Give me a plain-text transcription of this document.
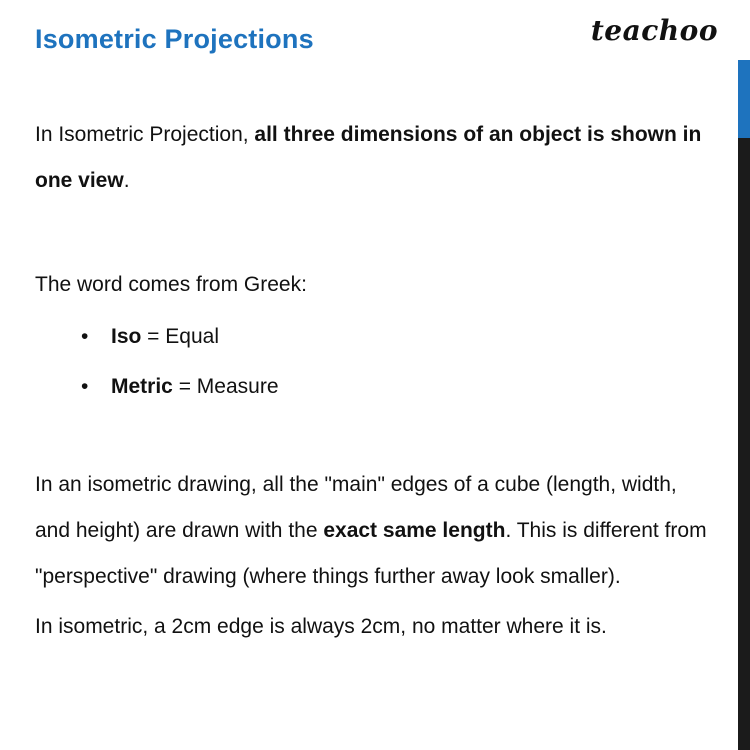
Isometric Projections	teachoo

In Isometric Projection, all three dimensions of an object is shown in one view.

The word comes from Greek:

• Iso = Equal
• Metric = Measure

In an isometric drawing, all the "main" edges of a cube (length, width, and height) are drawn with the exact same length. This is different from "perspective" drawing (where things further away look smaller).

In isometric, a 2cm edge is always 2cm, no matter where it is.
